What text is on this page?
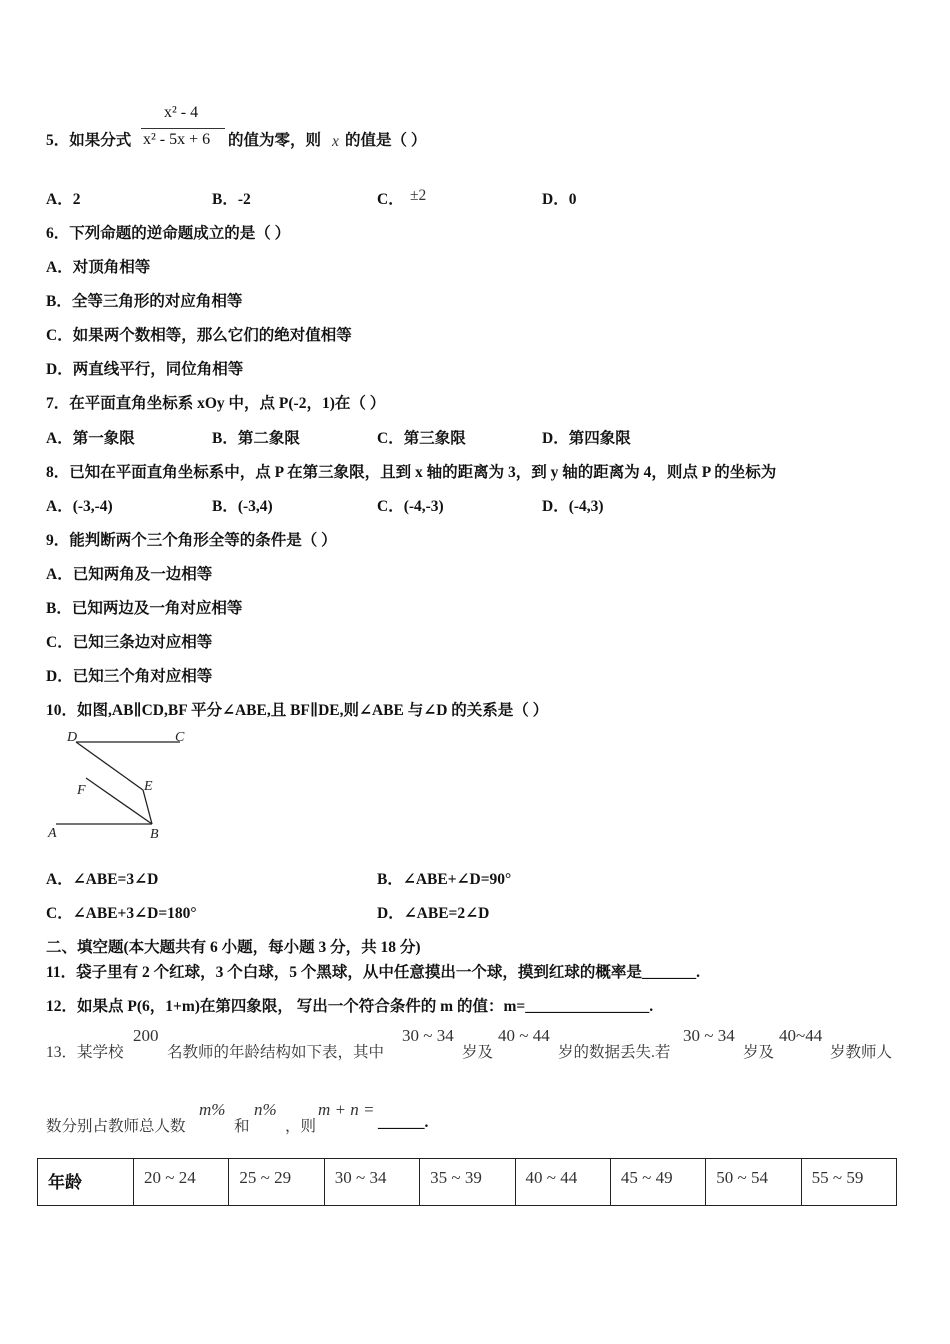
x² - 4
x² - 5x + 6
5．如果分式	的值为零，则 x 的值是（ ）
A．2	B．-2	C． ±2	D．0
6．下列命题的逆命题成立的是（ ）
A．对顶角相等
B．全等三角形的对应角相等
C．如果两个数相等，那么它们的绝对值相等
D．两直线平行，同位角相等
7．在平面直角坐标系 xOy 中，点 P(-2，1)在（ ）
A．第一象限	B．第二象限	C．第三象限	D．第四象限
8．已知在平面直角坐标系中，点 P 在第三象限，且到 x 轴的距离为 3，到 y 轴的距离为 4，则点 P 的坐标为
A．(-3,-4)	B．(-3,4)	C．(-4,-3)	D．(-4,3)
9．能判断两个三个角形全等的条件是（ ）
A．已知两角及一边相等
B．已知两边及一角对应相等
C．已知三条边对应相等
D．已知三个角对应相等
10．如图,AB∥CD,BF 平分∠ABE,且 BF∥DE,则∠ABE 与∠D 的关系是（ ）
D	C
F	E
A	B
A．∠ABE=3∠D	B．∠ABE+∠D=90°
C．∠ABE+3∠D=180°	D．∠ABE=2∠D
二、填空题(本大题共有 6 小题，每小题 3 分，共 18 分)
11．袋子里有 2 个红球，3 个白球，5 个黑球，从中任意摸出一个球，摸到红球的概率是_______.
12．如果点 P(6，1+m)在第四象限， 写出一个符合条件的 m 的值：m=________________.
13．某学校
200
名教师的年龄结构如下表，其中
30 ~ 34
岁及
40 ~ 44
岁的数据丢失.若
30 ~ 34
岁及
40~44
岁教师人
数分别占教师总人数
m%
和
n%
，则
m + n =
______.
年龄	20 ~ 24	25 ~ 29	30 ~ 34	35 ~ 39	40 ~ 44	45 ~ 49	50 ~ 54	55 ~ 59
